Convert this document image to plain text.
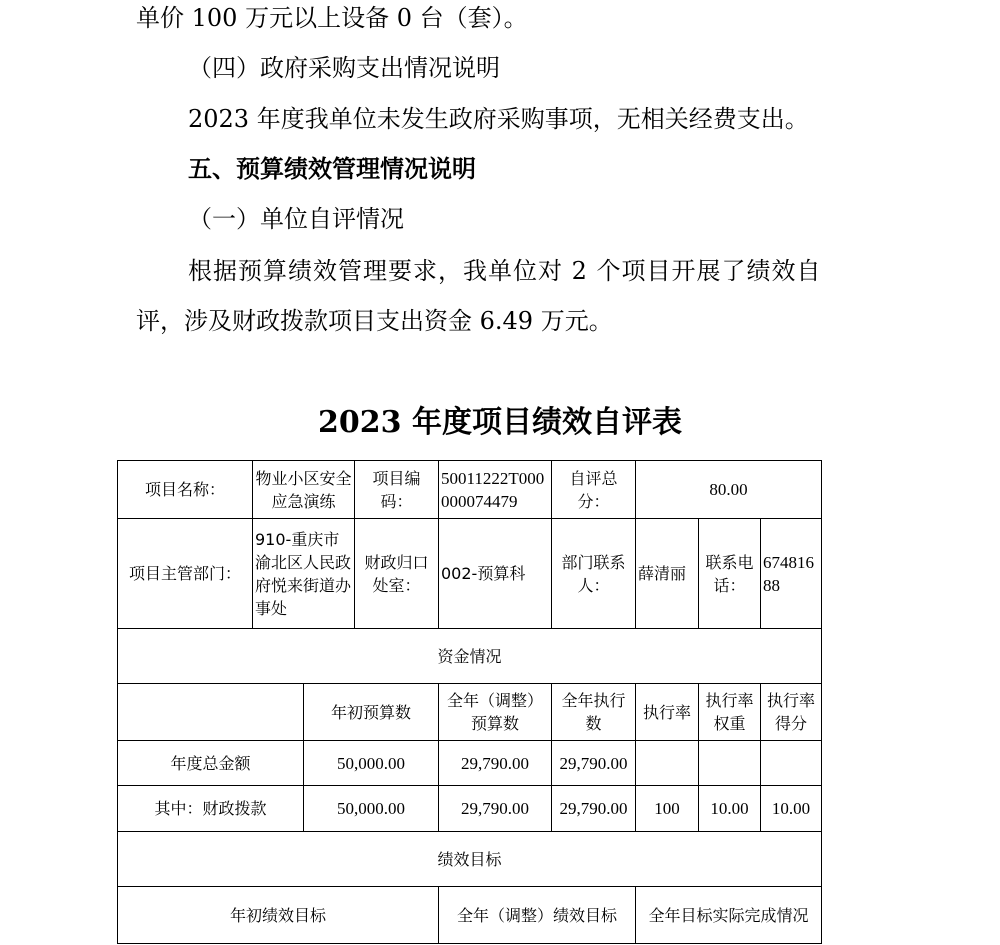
单价 100 万元以上设备 0 台（套）。
（四）政府采购支出情况说明
2023 年度我单位未发生政府采购事项，无相关经费支出。
五、预算绩效管理情况说明
（一）单位自评情况
根据预算绩效管理要求，我单位对 2 个项目开展了绩效自
评，涉及财政拨款项目支出资金 6.49 万元。
2023 年度项目绩效自评表
项目名称：	物业小区安全应急演练		项目编码：	50011222T000000074479	自评总分：	80.00		
项目主管部门：	910-重庆市渝北区人民政府悦来街道办事处		财政归口处室：	002-预算科	部门联系人：	薛清丽	联系电话：	67481688
资金情况								
		年初预算数		全年（调整）预算数	全年执行数	执行率	执行率权重	执行率得分
年度总金额		50,000.00		29,790.00	29,790.00			
其中：财政拨款		50,000.00		29,790.00	29,790.00	100	10.00	10.00
绩效目标								
年初绩效目标				全年（调整）绩效目标		全年目标实际完成情况		
